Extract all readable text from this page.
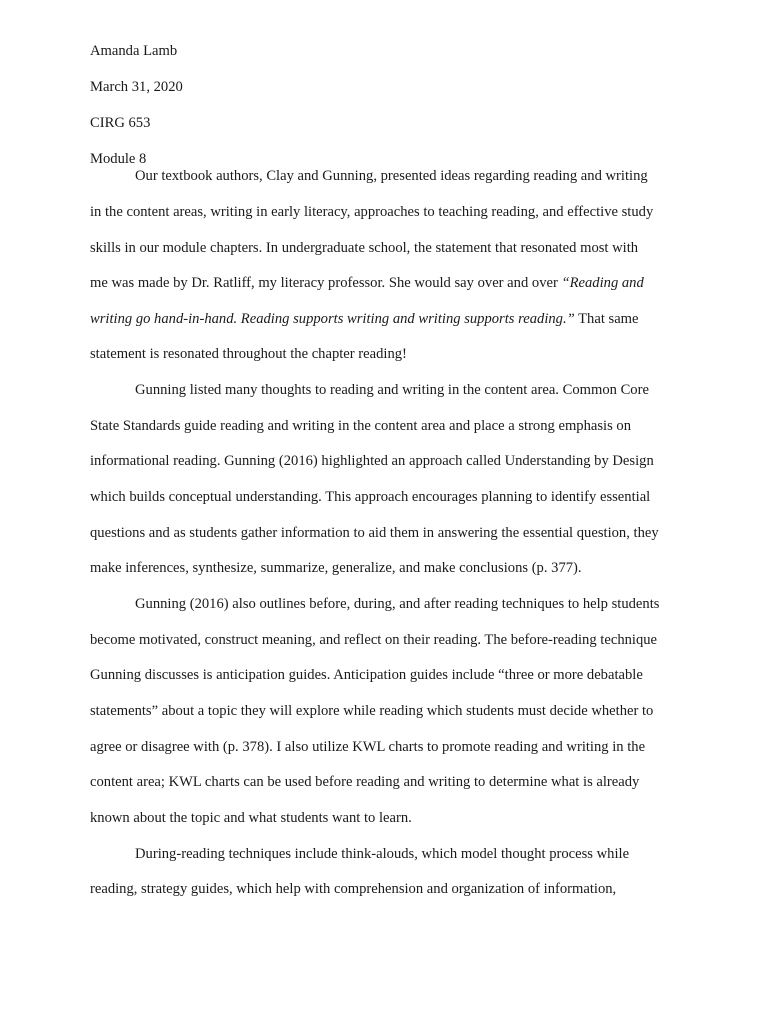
Amanda Lamb
March 31, 2020
CIRG 653
Module 8
Our textbook authors, Clay and Gunning, presented ideas regarding reading and writing
in the content areas, writing in early literacy, approaches to teaching reading, and effective study
skills in our module chapters. In undergraduate school, the statement that resonated most with
me was made by Dr. Ratliff, my literacy professor. She would say over and over “Reading and
writing go hand-in-hand. Reading supports writing and writing supports reading.” That same
statement is resonated throughout the chapter reading!
Gunning listed many thoughts to reading and writing in the content area. Common Core
State Standards guide reading and writing in the content area and place a strong emphasis on
informational reading. Gunning (2016) highlighted an approach called Understanding by Design
which builds conceptual understanding. This approach encourages planning to identify essential
questions and as students gather information to aid them in answering the essential question, they
make inferences, synthesize, summarize, generalize, and make conclusions (p. 377).
Gunning (2016) also outlines before, during, and after reading techniques to help students
become motivated, construct meaning, and reflect on their reading. The before-reading technique
Gunning discusses is anticipation guides. Anticipation guides include “three or more debatable
statements” about a topic they will explore while reading which students must decide whether to
agree or disagree with (p. 378). I also utilize KWL charts to promote reading and writing in the
content area; KWL charts can be used before reading and writing to determine what is already
known about the topic and what students want to learn.
During-reading techniques include think-alouds, which model thought process while
reading, strategy guides, which help with comprehension and organization of information,
